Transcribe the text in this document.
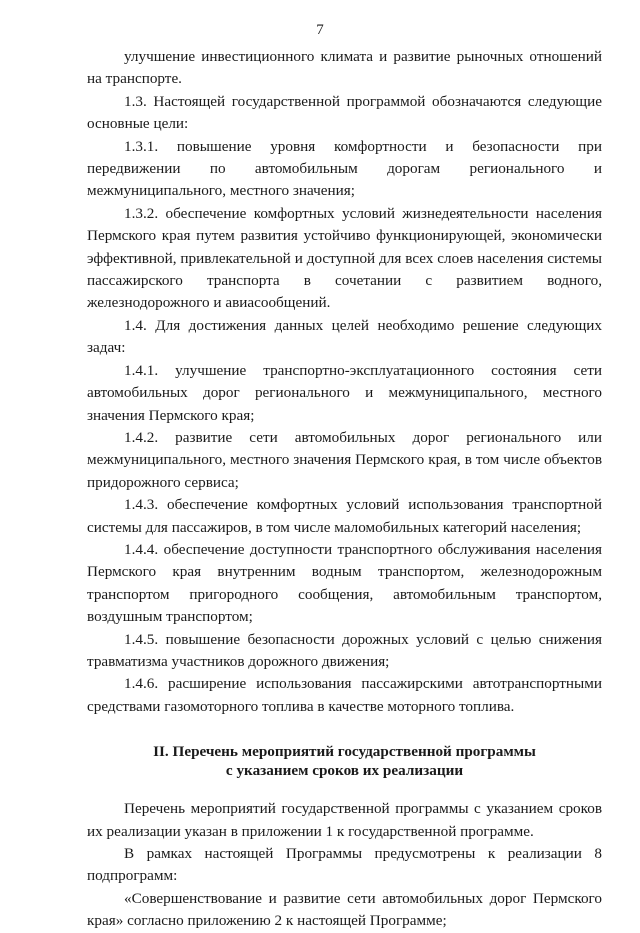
7

улучшение инвестиционного климата и развитие рыночных отношений на транспорте.

1.3. Настоящей государственной программой обозначаются следующие основные цели:

1.3.1. повышение уровня комфортности и безопасности при передвижении по автомобильным дорогам регионального и межмуниципального, местного значения;

1.3.2. обеспечение комфортных условий жизнедеятельности населения Пермского края путем развития устойчиво функционирующей, экономически эффективной, привлекательной и доступной для всех слоев населения системы пассажирского транспорта в сочетании с развитием водного, железнодорожного и авиасообщений.

1.4. Для достижения данных целей необходимо решение следующих задач:

1.4.1. улучшение транспортно-эксплуатационного состояния сети автомобильных дорог регионального и межмуниципального, местного значения Пермского края;

1.4.2. развитие сети автомобильных дорог регионального или межмуниципального, местного значения Пермского края, в том числе объектов придорожного сервиса;

1.4.3. обеспечение комфортных условий использования транспортной системы для пассажиров, в том числе маломобильных категорий населения;

1.4.4. обеспечение доступности транспортного обслуживания населения Пермского края внутренним водным транспортом, железнодорожным транспортом пригородного сообщения, автомобильным транспортом, воздушным транспортом;

1.4.5. повышение безопасности дорожных условий с целью снижения травматизма участников дорожного движения;

1.4.6. расширение использования пассажирскими автотранспортными средствами газомоторного топлива в качестве моторного топлива.

II. Перечень мероприятий государственной программы
с указанием сроков их реализации

Перечень мероприятий государственной программы с указанием сроков их реализации указан в приложении 1 к государственной программе.

В рамках настоящей Программы предусмотрены к реализации 8 подпрограмм:

«Совершенствование и развитие сети автомобильных дорог Пермского края» согласно приложению 2 к настоящей Программе;
